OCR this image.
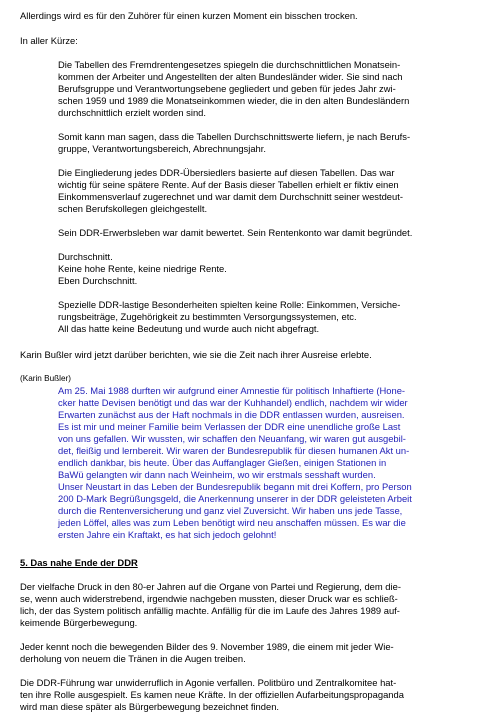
Allerdings wird es für den Zuhörer für einen kurzen Moment ein bisschen trocken.

In aller Kürze:

Die Tabellen des Fremdrentengesetzes spiegeln die durchschnittlichen Monatsein-
kommen der Arbeiter und Angestellten der alten Bundesländer wider. Sie sind nach
Berufsgruppe und Verantwortungsebene gegliedert und geben für jedes Jahr zwi-
schen 1959 und 1989 die Monatseinkommen wieder, die in den alten Bundesländern
durchschnittlich erzielt worden sind.
Somit kann man sagen, dass die Tabellen Durchschnittswerte liefern, je nach Berufs-
gruppe, Verantwortungsbereich, Abrechnungsjahr.
Die Eingliederung jedes DDR-Übersiedlers basierte auf diesen Tabellen. Das war
wichtig für seine spätere Rente. Auf der Basis dieser Tabellen erhielt er fiktiv einen
Einkommensverlauf zugerechnet und war damit dem Durchschnitt seiner westdeut-
schen Berufskollegen gleichgestellt.
Sein DDR-Erwerbsleben war damit bewertet. Sein Rentenkonto war damit begründet.
Durchschnitt.
Keine hohe Rente, keine niedrige Rente.
Eben Durchschnitt.
Spezielle DDR-lastige Besonderheiten spielten keine Rolle: Einkommen, Versiche-
rungsbeiträge, Zugehörigkeit zu bestimmten Versorgungssystemen, etc.
All das hatte keine Bedeutung und wurde auch nicht abgefragt.

Karin Bußler wird jetzt darüber berichten, wie sie die Zeit nach ihrer Ausreise erlebte.

(Karin Bußler)

Am 25. Mai 1988 durften wir aufgrund einer Amnestie für politisch Inhaftierte (Hone-
cker hatte Devisen benötigt und das war der Kuhhandel) endlich, nachdem wir wider
Erwarten zunächst aus der Haft nochmals in die DDR entlassen wurden, ausreisen.
Es ist mir und meiner Familie beim Verlassen der DDR eine unendliche große Last
von uns gefallen. Wir wussten, wir schaffen den Neuanfang, wir waren gut ausgebil-
det, fleißig und lernbereit. Wir waren der Bundesrepublik für diesen humanen Akt un-
endlich dankbar, bis heute. Über das Auffanglager Gießen, einigen Stationen in
BaWü gelangten wir dann nach Weinheim, wo wir erstmals sesshaft wurden.
Unser Neustart in das Leben der Bundesrepublik begann mit drei Koffern, pro Person
200 D-Mark Begrüßungsgeld, die Anerkennung unserer in der DDR geleisteten Arbeit
durch die Rentenversicherung und ganz viel Zuversicht. Wir haben uns jede Tasse,
jeden Löffel, alles was zum Leben benötigt wird neu anschaffen müssen. Es war die
ersten Jahre ein Kraftakt, es hat sich jedoch gelohnt!

5. Das nahe Ende der DDR

Der vielfache Druck in den 80-er Jahren auf die Organe von Partei und Regierung, dem die-
se, wenn auch widerstrebend, irgendwie nachgeben mussten, dieser Druck war es schließ-
lich, der das System politisch anfällig machte. Anfällig für die im Laufe des Jahres 1989 auf-
keimende Bürgerbewegung.
Jeder kennt noch die bewegenden Bilder des 9. November 1989, die einem mit jeder Wie-
derholung von neuem die Tränen in die Augen treiben.
Die DDR-Führung war unwiderruflich in Agonie verfallen. Politbüro und Zentralkomitee hat-
ten ihre Rolle ausgespielt. Es kamen neue Kräfte. In der offiziellen Aufarbeitungspropaganda
wird man diese später als Bürgerbewegung bezeichnet finden.
